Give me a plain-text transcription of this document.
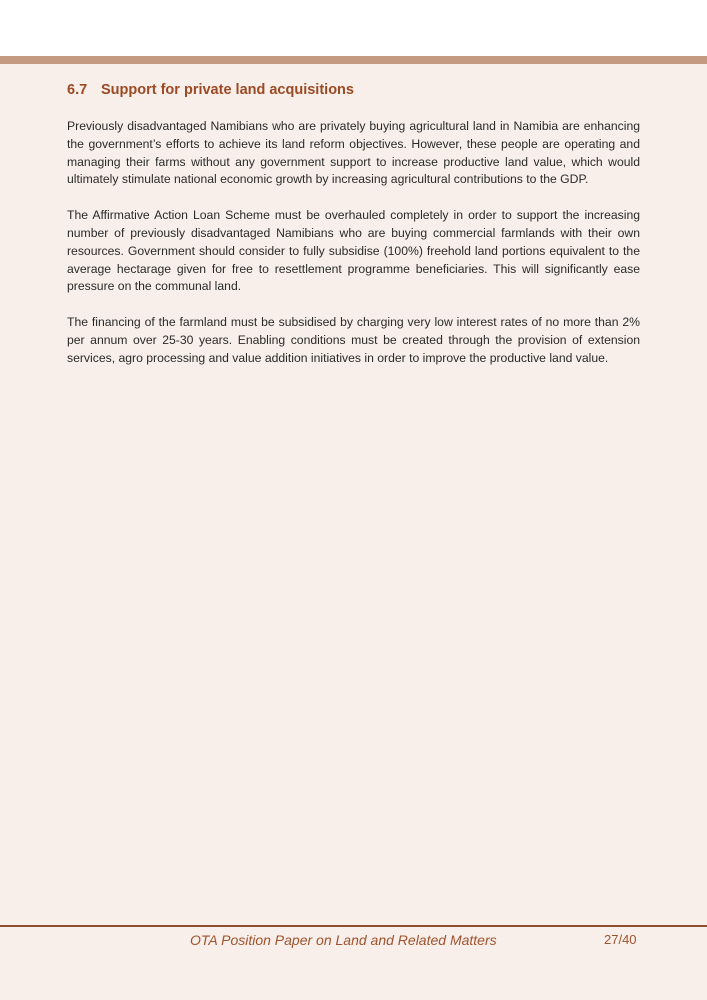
6.7 Support for private land acquisitions

Previously disadvantaged Namibians who are privately buying agricultural land in Namibia are enhancing the government’s efforts to achieve its land reform objectives. However, these people are operating and managing their farms without any government support to increase productive land value, which would ultimately stimulate national economic growth by increasing agricultural contributions to the GDP.

The Affirmative Action Loan Scheme must be overhauled completely in order to support the increasing number of previously disadvantaged Namibians who are buying commercial farmlands with their own resources. Government should consider to fully subsidise (100%) freehold land portions equivalent to the average hectarage given for free to resettlement programme beneficiaries. This will significantly ease pressure on the communal land.

The financing of the farmland must be subsidised by charging very low interest rates of no more than 2% per annum over 25-30 years. Enabling conditions must be created through the provision of extension services, agro processing and value addition initiatives in order to improve the productive land value.

OTA Position Paper on Land and Related Matters	27/40
